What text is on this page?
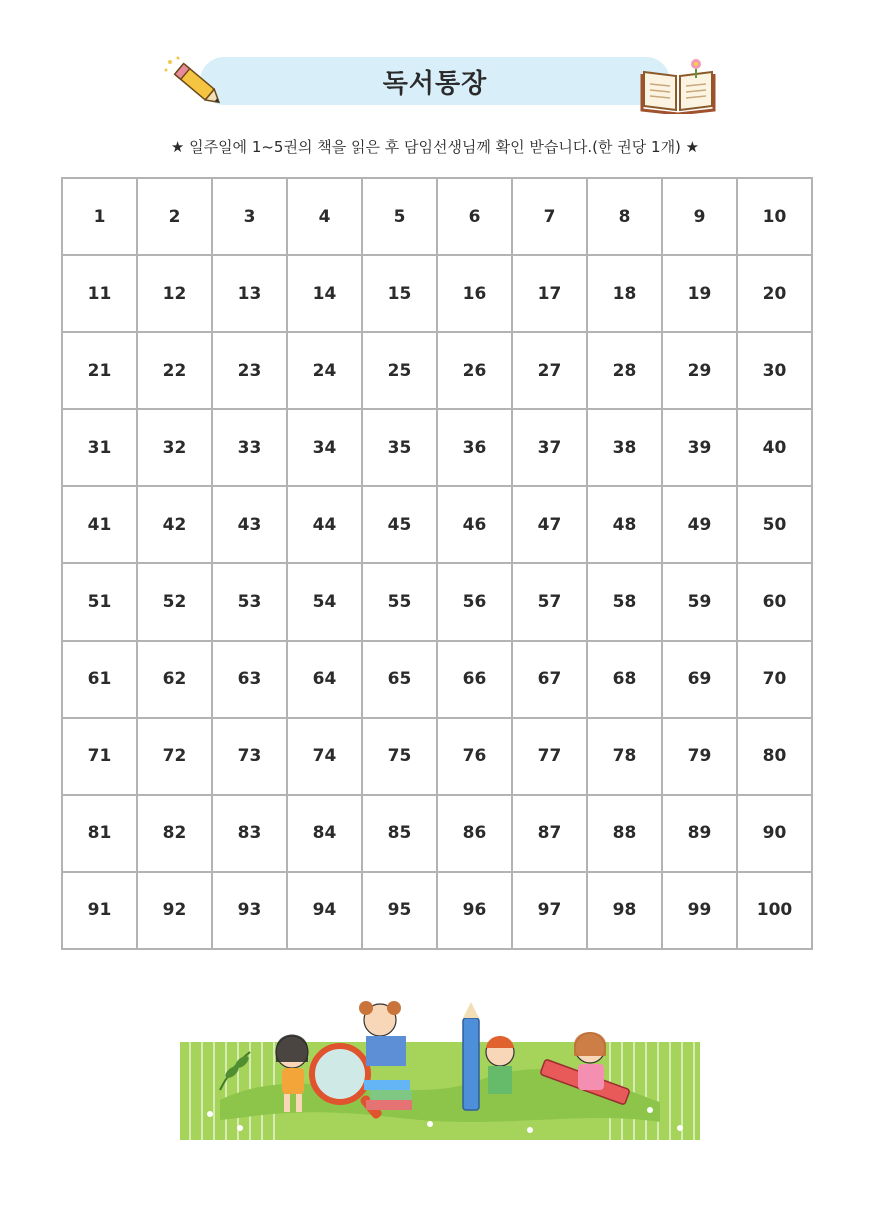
독서통장
★ 일주일에 1~5권의 책을 읽은 후 담임선생님께 확인 받습니다.(한 권당 1개) ★
1	2	3	4	5	6	7	8	9	10
11	12	13	14	15	16	17	18	19	20
21	22	23	24	25	26	27	28	29	30
31	32	33	34	35	36	37	38	39	40
41	42	43	44	45	46	47	48	49	50
51	52	53	54	55	56	57	58	59	60
61	62	63	64	65	66	67	68	69	70
71	72	73	74	75	76	77	78	79	80
81	82	83	84	85	86	87	88	89	90
91	92	93	94	95	96	97	98	99	100
